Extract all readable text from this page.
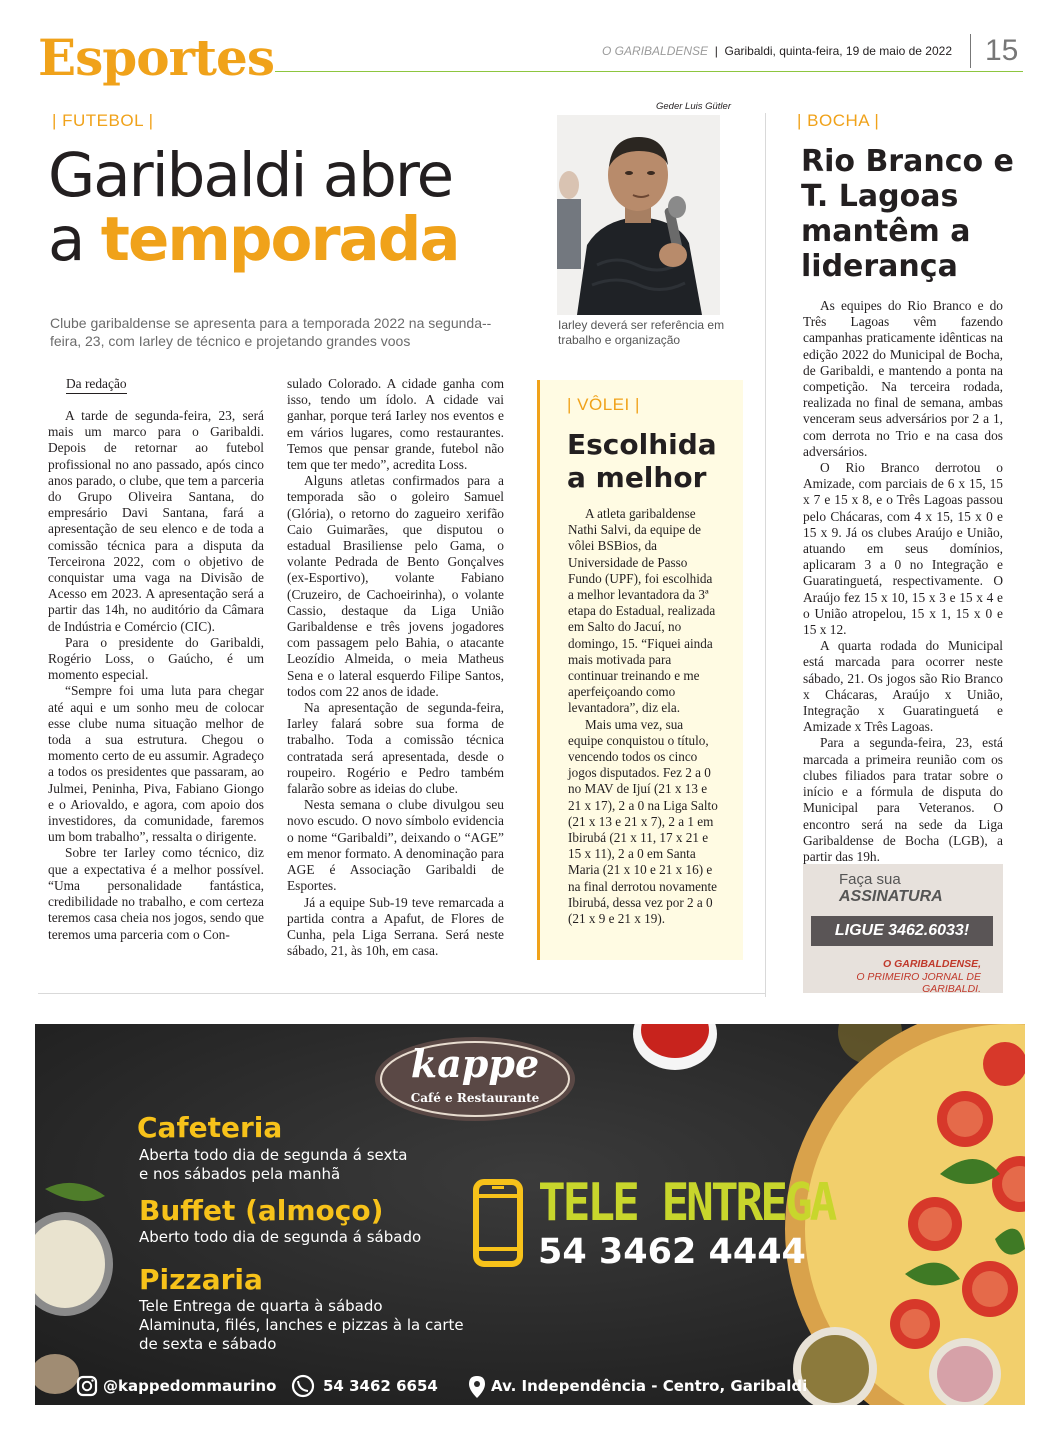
Esportes	O GARIBALDENSE | Garibaldi, quinta-feira, 19 de maio de 2022	15
| FUTEBOL |
Garibaldi abre
a temporada
Clube garibaldense se apresenta para a temporada 2022 na segunda--feira, 23, com Iarley de técnico e projetando grandes voos
Da redação

A tarde de segunda-feira, 23, será mais um marco para o Garibaldi. Depois de retornar ao futebol profissional no ano passado, após cinco anos parado, o clube, que tem a parceria do Grupo Oliveira Santana, do empresário Davi Santana, fará a apresentação de seu elenco e de toda a comissão técnica para a disputa da Terceirona 2022, com o objetivo de conquistar uma vaga na Divisão de Acesso em 2023. A apresentação será a partir das 14h, no auditório da Câmara de Indústria e Comércio (CIC).

Para o presidente do Garibaldi, Rogério Loss, o Gaúcho, é um momento especial.

“Sempre foi uma luta para chegar até aqui e um sonho meu de colocar esse clube numa situação melhor de toda a sua estrutura. Chegou o momento certo de eu assumir. Agradeço a todos os presidentes que passaram, ao Julmei, Peninha, Piva, Fabiano Giongo e o Ariovaldo, e agora, com apoio dos investidores, da comunidade, faremos um bom trabalho”, ressalta o dirigente.

Sobre ter Iarley como técnico, diz que a expectativa é a melhor possível. “Uma personalidade fantástica, credibilidade no trabalho, e com certeza teremos casa cheia nos jogos, sendo que teremos uma parceria com o Con-

sulado Colorado. A cidade ganha com isso, tendo um ídolo. A cidade vai ganhar, porque terá Iarley nos eventos e em vários lugares, como restaurantes. Temos que pensar grande, futebol não tem que ter medo”, acredita Loss.

Alguns atletas confirmados para a temporada são o goleiro Samuel (Glória), o retorno do zagueiro xerifão Caio Guimarães, que disputou o estadual Brasiliense pelo Gama, o volante Pedrada de Bento Gonçalves (ex-Esportivo), volante Fabiano (Cruzeiro, de Cachoeirinha), o volante Cassio, destaque da Liga União Garibaldense e três jovens jogadores com passagem pelo Bahia, o atacante Leozídio Almeida, o meia Matheus Sena e o lateral esquerdo Filipe Santos, todos com 22 anos de idade.

Na apresentação de segunda-feira, Iarley falará sobre sua forma de trabalho. Toda a comissão técnica contratada será apresentada, desde o roupeiro. Rogério e Pedro também falarão sobre as ideias do clube.

Nesta semana o clube divulgou seu novo escudo. O novo símbolo evidencia o nome “Garibaldi”, deixando o “AGE” em menor formato. A denominação para AGE é Associação Garibaldi de Esportes.

Já a equipe Sub-19 teve remarcada a partida contra a Apafut, de Flores de Cunha, pela Liga Serrana. Será neste sábado, 21, às 10h, em casa.

Geder Luis Gütler
Iarley deverá ser referência em trabalho e organização
| VÔLEI |
Escolhida a melhor

A atleta garibaldense Nathi Salvi, da equipe de vôlei BSBios, da Universidade de Passo Fundo (UPF), foi escolhida a melhor levantadora da 3ª etapa do Estadual, realizada em Salto do Jacuí, no domingo, 15. “Fiquei ainda mais motivada para continuar treinando e me aperfeiçoando como levantadora”, diz ela.

Mais uma vez, sua equipe conquistou o título, vencendo todos os cinco jogos disputados. Fez 2 a 0 no MAV de Ijuí (21 x 13 e 21 x 17), 2 a 0 na Liga Salto (21 x 13 e 21 x 7), 2 a 1 em Ibirubá (21 x 11, 17 x 21 e 15 x 11), 2 a 0 em Santa Maria (21 x 10 e 21 x 16) e na final derrotou novamente Ibirubá, dessa vez por 2 a 0 (21 x 9 e 21 x 19).

| BOCHA |
Rio Branco e T. Lagoas mantêm a liderança

As equipes do Rio Branco e do Três Lagoas vêm fazendo campanhas praticamente idênticas na edição 2022 do Municipal de Bocha, de Garibaldi, e mantendo a ponta na competição. Na terceira rodada, realizada no final de semana, ambas venceram seus adversários por 2 a 1, com derrota no Trio e na casa dos adversários.

O Rio Branco derrotou o Amizade, com parciais de 6 x 15, 15 x 7 e 15 x 8, e o Três Lagoas passou pelo Chácaras, com 4 x 15, 15 x 0 e 15 x 9. Já os clubes Araújo e União, atuando em seus domínios, aplicaram 3 a 0 no Integração e Guaratinguetá, respectivamente. O Araújo fez 15 x 10, 15 x 3 e 15 x 4 e o União atropelou, 15 x 1, 15 x 0 e 15 x 12.

A quarta rodada do Municipal está marcada para ocorrer neste sábado, 21. Os jogos são Rio Branco x Chácaras, Araújo x União, Integração x Guaratinguetá e Amizade x Três Lagoas.

Para a segunda-feira, 23, está marcada a primeira reunião com os clubes filiados para tratar sobre o início e a fórmula de disputa do Municipal para Veteranos. O encontro será na sede da Liga Garibaldense de Bocha (LGB), a partir das 19h.

Faça sua
ASSINATURA
LIGUE 3462.6033!
O GARIBALDENSE,
O PRIMEIRO JORNAL DE GARIBALDI.
kappe
Café e Restaurante
Cafeteria
Aberta todo dia de segunda á sexta
e nos sábados pela manhã
Buffet (almoço)
Aberto todo dia de segunda á sábado
Pizzaria
Tele Entrega de quarta à sábado
Alaminuta, filés, lanches e pizzas à la carte
de sexta e sábado
TELE ENTREGA
54 3462 4444
@kappedommaurino	54 3462 6654	Av. Independência - Centro, Garibaldi
